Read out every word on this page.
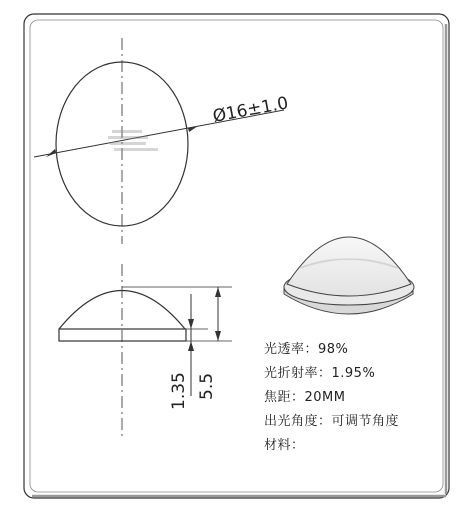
Ø16±1.0
1.35 5.5
光透率：98%
光折射率：1.95%
焦距：20MM
出光角度：可调节角度
材料：
